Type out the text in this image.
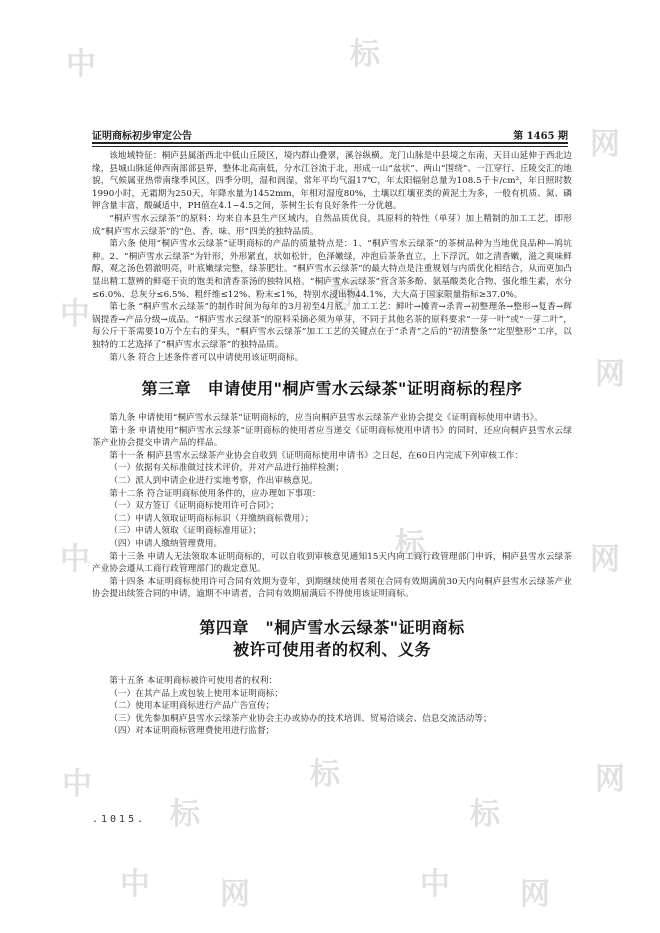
中	标
网
中
标
网
中	标	网
中	标	网
中
标
网	中
标
网
证明商标初步审定公告	第 1465 期

该地域特征：桐庐县属浙西北中低山丘陵区，境内群山叠翠，溪谷纵横。龙门山脉是中县境之东南，天目山延伸于西北边缘，县城山脉延伸西南部部县界，整体北高南低，分水江谷流于北，形成一山“盆状”、两山“围绕”、一江穿行、丘陵交汇的地貌，气候属亚热带南缘季风区，四季分明，湿和润湿，常年平均气温17℃，年太阳辐射总量为108.5千卡/cm²，年日照时数1990小时，无霜期为250天，年降水量为1452mm，年相对湿度80%，土壤以红壤亚类的黄泥土为多，一般有机质、氮、磷钾含量丰富，酸碱适中，PH值在4.1~4.5之间，茶树生长有良好条件一分优越。

“桐庐雪水云绿茶”的原料：均来自本县生产区域内，自然品质优良，具原料的特性（单芽）加上精制的加工工艺，即形成“桐庐雪水云绿茶”的“色、香、味、形”四美的独特品质。

第六条 使用“桐庐雪水云绿茶”证明商标的产品的质量特点是：1、“桐庐雪水云绿茶”的茶树品种为当地优良品种—鸠坑种。2、“桐庐雪水云绿茶”为针形，外形紧直，状如松针，色泽嫩绿，冲泡后茶条直立，上下浮沉，如之清香嫩，滋之爽味鲜醇，观之汤色碧澈明亮，叶底嫩绿完整，绿茶肥壮。“桐庐雪水云绿茶”的最大特点是注重规划与内质优化相结合，从而更加凸显出精工慧辨的鲜毫干贡的饱美和清香茶汤的独特风格。“桐庐雪水云绿茶”营含茶多酚、氨基酸类化合物、强化维生素，水分≤6.0%、总灰分≤6.5%、粗纤维≤12%、粉末≤1%，特别水浸出物44.1%，大大高于国家限量指标≥37.0%。

第七条 “桐庐雪水云绿茶”的制作时间为每年的3月初至4月底。加工工艺：鲜叶→摊青→杀青→初整理条→整形→复香→辉锅提香→产品分级→成品。“桐庐雪水云绿茶”的原料采摘必须为单芽，不同于其他名茶的原料要求“一芽一叶”或“一芽二叶”，每公斤干茶需要10万个左右的芽头，“桐庐雪水云绿茶”加工工艺的关键点在于“杀青”之后的“初清整条”“定型整形”工序，以独特的工艺选择了“桐庐雪水云绿茶”的独特品质。

第八条 符合上述条件者可以申请使用该证明商标。

第三章　申请使用"桐庐雪水云绿茶"证明商标的程序

第九条 申请使用“桐庐雪水云绿茶”证明商标的，应当向桐庐县雪水云绿茶产业协会提交《证明商标使用申请书》。

第十条 申请使用“桐庐雪水云绿茶”证明商标的使用者应当递交《证明商标使用申请书》的同时，还应向桐庐县雪水云绿茶产业协会提交申请产品的样品。

第十一条 桐庐县雪水云绿茶产业协会自收到《证明商标使用申请书》之日起，在60日内完成下列审核工作：

（一）依据有关标准做过技术评价，并对产品进行抽样检测；

（二）派人到申请企业进行实地考察，作出审核意见。

第十二条 符合证明商标使用条件的，应办理如下事项：

（一）双方签订《证明商标使用许可合同》；

（二）申请人领取证明商标标识（并缴纳商标费用）；

（三）申请人领取《证明商标准用证》；

（四）申请人缴纳管理费用。

第十三条 申请人无法领取本证明商标的，可以自收到审核意见通知15天内向工商行政管理部门申诉，桐庐县雪水云绿茶产业协会遵从工商行政管理部门的裁定意见。

第十四条 本证明商标使用许可合同有效期为壹年，到期继续使用者须在合同有效期满前30天内向桐庐县雪水云绿茶产业协会提出续签合同的申请，逾期不申请者，合同有效期届满后不得使用该证明商标。

第四章　"桐庐雪水云绿茶"证明商标
被许可使用者的权利、义务

第十五条 本证明商标被许可使用者的权利：

（一）在其产品上或包装上使用本证明商标；

（二）使用本证明商标进行产品广告宣传；

（三）优先参加桐庐县雪水云绿茶产业协会主办或协办的技术培训、贸易洽谈会、信息交流活动等；

（四）对本证明商标管理费使用进行监督；

.1015.
